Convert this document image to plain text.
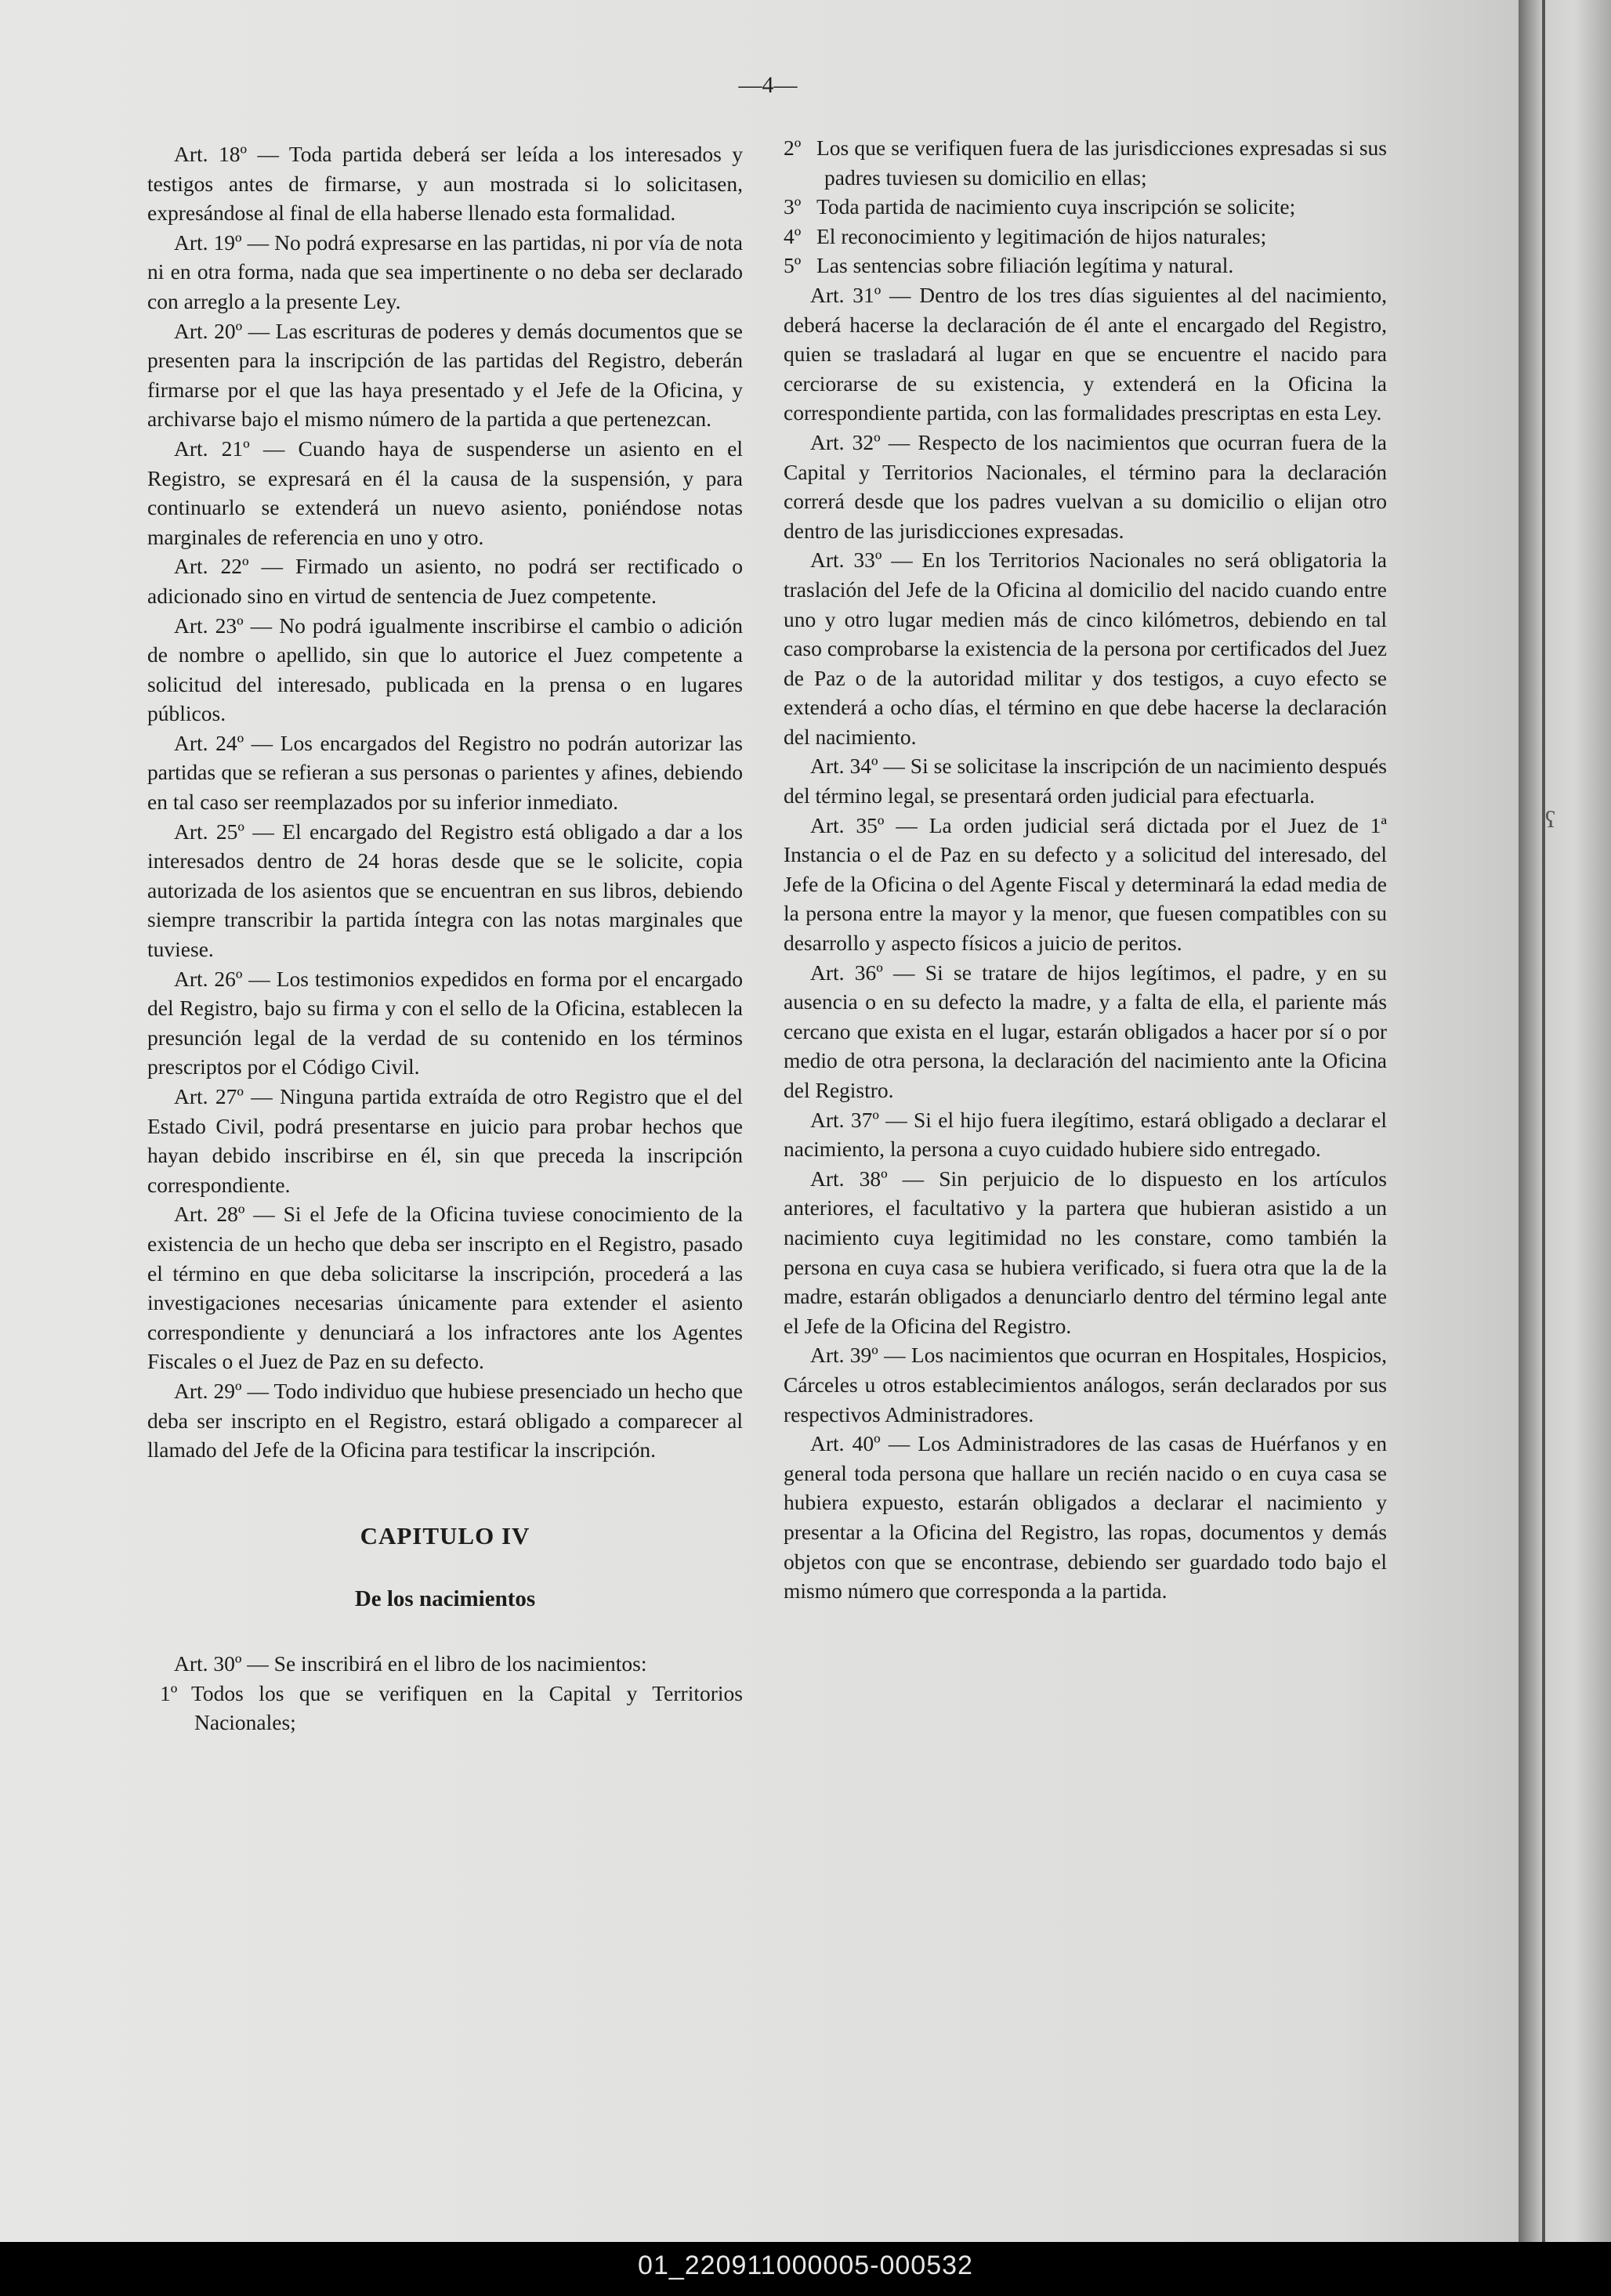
ʕ
—4—

Art. 18º — Toda partida deberá ser leída a los interesados y testigos antes de firmarse, y aun mostrada si lo solicitasen, expresándose al final de ella haberse llenado esta formalidad.

Art. 19º — No podrá expresarse en las partidas, ni por vía de nota ni en otra forma, nada que sea impertinente o no deba ser declarado con arreglo a la presente Ley.

Art. 20º — Las escrituras de poderes y demás documentos que se presenten para la inscripción de las partidas del Registro, deberán firmarse por el que las haya presentado y el Jefe de la Oficina, y archivarse bajo el mismo número de la partida a que pertenezcan.

Art. 21º — Cuando haya de suspenderse un asiento en el Registro, se expresará en él la causa de la suspensión, y para continuarlo se extenderá un nuevo asiento, poniéndose notas marginales de referencia en uno y otro.

Art. 22º — Firmado un asiento, no podrá ser rectificado o adicionado sino en virtud de sentencia de Juez competente.

Art. 23º — No podrá igualmente inscribirse el cambio o adición de nombre o apellido, sin que lo autorice el Juez competente a solicitud del interesado, publicada en la prensa o en lugares públicos.

Art. 24º — Los encargados del Registro no podrán autorizar las partidas que se refieran a sus personas o parientes y afines, debiendo en tal caso ser reemplazados por su inferior inmediato.

Art. 25º — El encargado del Registro está obligado a dar a los interesados dentro de 24 horas desde que se le solicite, copia autorizada de los asientos que se encuentran en sus libros, debiendo siempre transcribir la partida íntegra con las notas marginales que tuviese.

Art. 26º — Los testimonios expedidos en forma por el encargado del Registro, bajo su firma y con el sello de la Oficina, establecen la presunción legal de la verdad de su contenido en los términos prescriptos por el Código Civil.

Art. 27º — Ninguna partida extraída de otro Registro que el del Estado Civil, podrá presentarse en juicio para probar hechos que hayan debido inscribirse en él, sin que preceda la inscripción correspondiente.

Art. 28º — Si el Jefe de la Oficina tuviese conocimiento de la existencia de un hecho que deba ser inscripto en el Registro, pasado el término en que deba solicitarse la inscripción, procederá a las investigaciones necesarias únicamente para extender el asiento correspondiente y denunciará a los infractores ante los Agentes Fiscales o el Juez de Paz en su defecto.

Art. 29º — Todo individuo que hubiese presenciado un hecho que deba ser inscripto en el Registro, estará obligado a comparecer al llamado del Jefe de la Oficina para testificar la inscripción.

CAPITULO IV
De los nacimientos

Art. 30º — Se inscribirá en el libro de los nacimientos:

1º Todos los que se verifiquen en la Capital y Territorios Nacionales;

2º Los que se verifiquen fuera de las jurisdicciones expresadas si sus padres tuviesen su domicilio en ellas;

3º Toda partida de nacimiento cuya inscripción se solicite;

4º El reconocimiento y legitimación de hijos naturales;

5º Las sentencias sobre filiación legítima y natural.

Art. 31º — Dentro de los tres días siguientes al del nacimiento, deberá hacerse la declaración de él ante el encargado del Registro, quien se trasladará al lugar en que se encuentre el nacido para cerciorarse de su existencia, y extenderá en la Oficina la correspondiente partida, con las formalidades prescriptas en esta Ley.

Art. 32º — Respecto de los nacimientos que ocurran fuera de la Capital y Territorios Nacionales, el término para la declaración correrá desde que los padres vuelvan a su domicilio o elijan otro dentro de las jurisdicciones expresadas.

Art. 33º — En los Territorios Nacionales no será obligatoria la traslación del Jefe de la Oficina al domicilio del nacido cuando entre uno y otro lugar medien más de cinco kilómetros, debiendo en tal caso comprobarse la existencia de la persona por certificados del Juez de Paz o de la autoridad militar y dos testigos, a cuyo efecto se extenderá a ocho días, el término en que debe hacerse la declaración del nacimiento.

Art. 34º — Si se solicitase la inscripción de un nacimiento después del término legal, se presentará orden judicial para efectuarla.

Art. 35º — La orden judicial será dictada por el Juez de 1ª Instancia o el de Paz en su defecto y a solicitud del interesado, del Jefe de la Oficina o del Agente Fiscal y determinará la edad media de la persona entre la mayor y la menor, que fuesen compatibles con su desarrollo y aspecto físicos a juicio de peritos.

Art. 36º — Si se tratare de hijos legítimos, el padre, y en su ausencia o en su defecto la madre, y a falta de ella, el pariente más cercano que exista en el lugar, estarán obligados a hacer por sí o por medio de otra persona, la declaración del nacimiento ante la Oficina del Registro.

Art. 37º — Si el hijo fuera ilegítimo, estará obligado a declarar el nacimiento, la persona a cuyo cuidado hubiere sido entregado.

Art. 38º — Sin perjuicio de lo dispuesto en los artículos anteriores, el facultativo y la partera que hubieran asistido a un nacimiento cuya legitimidad no les constare, como también la persona en cuya casa se hubiera verificado, si fuera otra que la de la madre, estarán obligados a denunciarlo dentro del término legal ante el Jefe de la Oficina del Registro.

Art. 39º — Los nacimientos que ocurran en Hospitales, Hospicios, Cárceles u otros establecimientos análogos, serán declarados por sus respectivos Administradores.

Art. 40º — Los Administradores de las casas de Huérfanos y en general toda persona que hallare un recién nacido o en cuya casa se hubiera expuesto, estarán obligados a declarar el nacimiento y presentar a la Oficina del Registro, las ropas, documentos y demás objetos con que se encontrase, debiendo ser guardado todo bajo el mismo número que corresponda a la partida.

01_220911000005-000532
